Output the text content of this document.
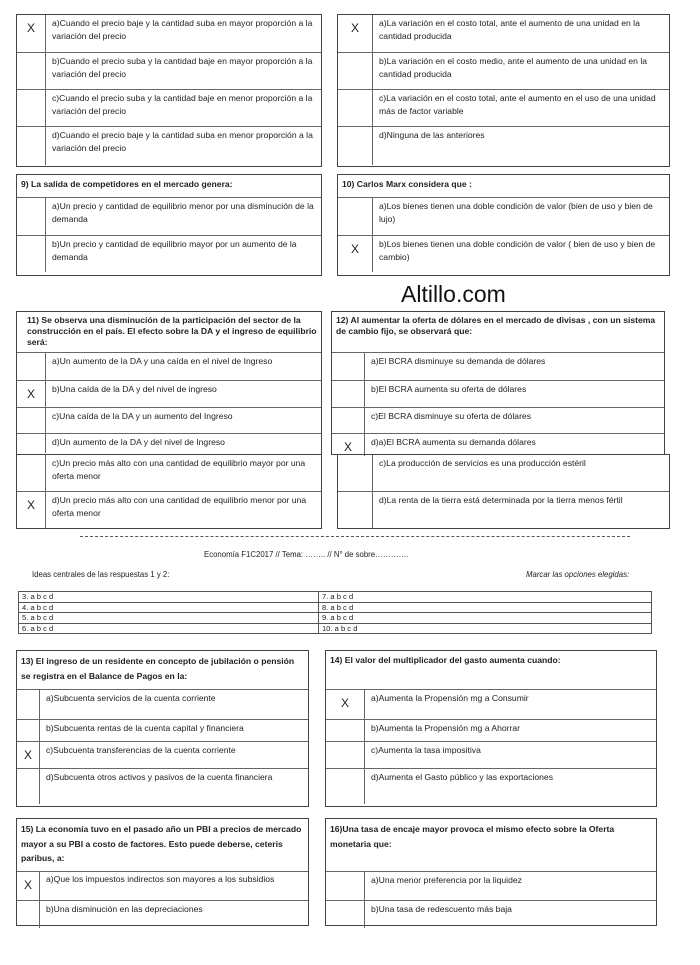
X	a)Cuando el precio baje y la cantidad suba en mayor proporción a la variación del precio
	b)Cuando el precio suba y la cantidad baje en mayor proporción a la variación del precio
	c)Cuando el precio suba y la cantidad baje en menor proporción a la variación del precio
	d)Cuando el precio baje y la cantidad suba en menor proporción a la variación del precio
X	a)La variación en el costo total, ante el aumento de una unidad en la cantidad producida
	b)La variación en el costo medio, ante el aumento de una unidad en la cantidad producida
	c)La variación en el costo total, ante el aumento en el uso de una unidad más de factor variable
	d)Ninguna de las anteriores
9) La salida de competidores en el mercado genera:
	a)Un precio y cantidad de equilibrio menor por una disminución de la demanda
	b)Un precio y cantidad de equilibrio mayor por un aumento de la demanda
10) Carlos Marx considera que :
	a)Los bienes tienen una doble condición de valor (bien de uso y bien de lujo)
X	b)Los bienes tienen una doble condición de valor ( bien de uso y bien de cambio)
Altillo.com
11) Se observa una disminución de la participación del sector de la construcción en el país. El efecto sobre la DA y el ingreso de equilibrio será:
	a)Un aumento de la DA y una caída en el nivel de Ingreso
X	b)Una caída de la DA y del nivel de ingreso
	c)Una caída de la DA y un aumento del Ingreso
	d)Un aumento de la DA y del nivel de Ingreso
12) Al aumentar la oferta de dólares en el mercado de divisas , con un sistema de cambio fijo, se observará que:
	a)El BCRA disminuye su demanda de dólares
	b)El BCRA aumenta su oferta de dólares
	c)El BCRA disminuye su oferta de dólares
X	d)a)El BCRA aumenta su demanda dólares
	c)Un precio más alto con una cantidad de equilibrio mayor por una oferta menor
X	d)Un precio más alto con una cantidad de equilibrio menor por una oferta menor
	c)La producción de servicios es una producción estéril
	d)La renta de la tierra está determinada por la tierra menos fértil
Economía F1C2017 // Tema: …….. // N° de sobre………….
Ideas centrales de las respuestas 1 y 2:	Marcar las opciones elegidas:
3. a b c d	7. a b c d
4. a b c d	8. a b c d
5. a b c d	9. a b c d
6. a b c d	10. a b c d
13) El ingreso de un residente en concepto de jubilación o pensión se registra en el Balance de Pagos en la:
	a)Subcuenta servicios de la cuenta corriente
	b)Subcuenta rentas de la cuenta capital y financiera
X	c)Subcuenta transferencias de la cuenta corriente
	d)Subcuenta otros activos y pasivos de la cuenta financiera
14) El valor del multiplicador del gasto aumenta cuando:
X	a)Aumenta la Propensión mg a Consumir
	b)Aumenta la Propensión mg a Ahorrar
	c)Aumenta la tasa impositiva
	d)Aumenta el Gasto público y las exportaciones
15) La economía tuvo en el pasado año un PBI a precios de mercado mayor a su PBI a costo de factores. Esto puede deberse, ceteris paribus, a:
X	a)Que los impuestos indirectos son mayores a los subsidios
	b)Una disminución en las depreciaciones
16)Una tasa de encaje mayor provoca el mismo efecto sobre la Oferta monetaria que:
	a)Una menor preferencia por la liquidez
	b)Una tasa de redescuento más baja
